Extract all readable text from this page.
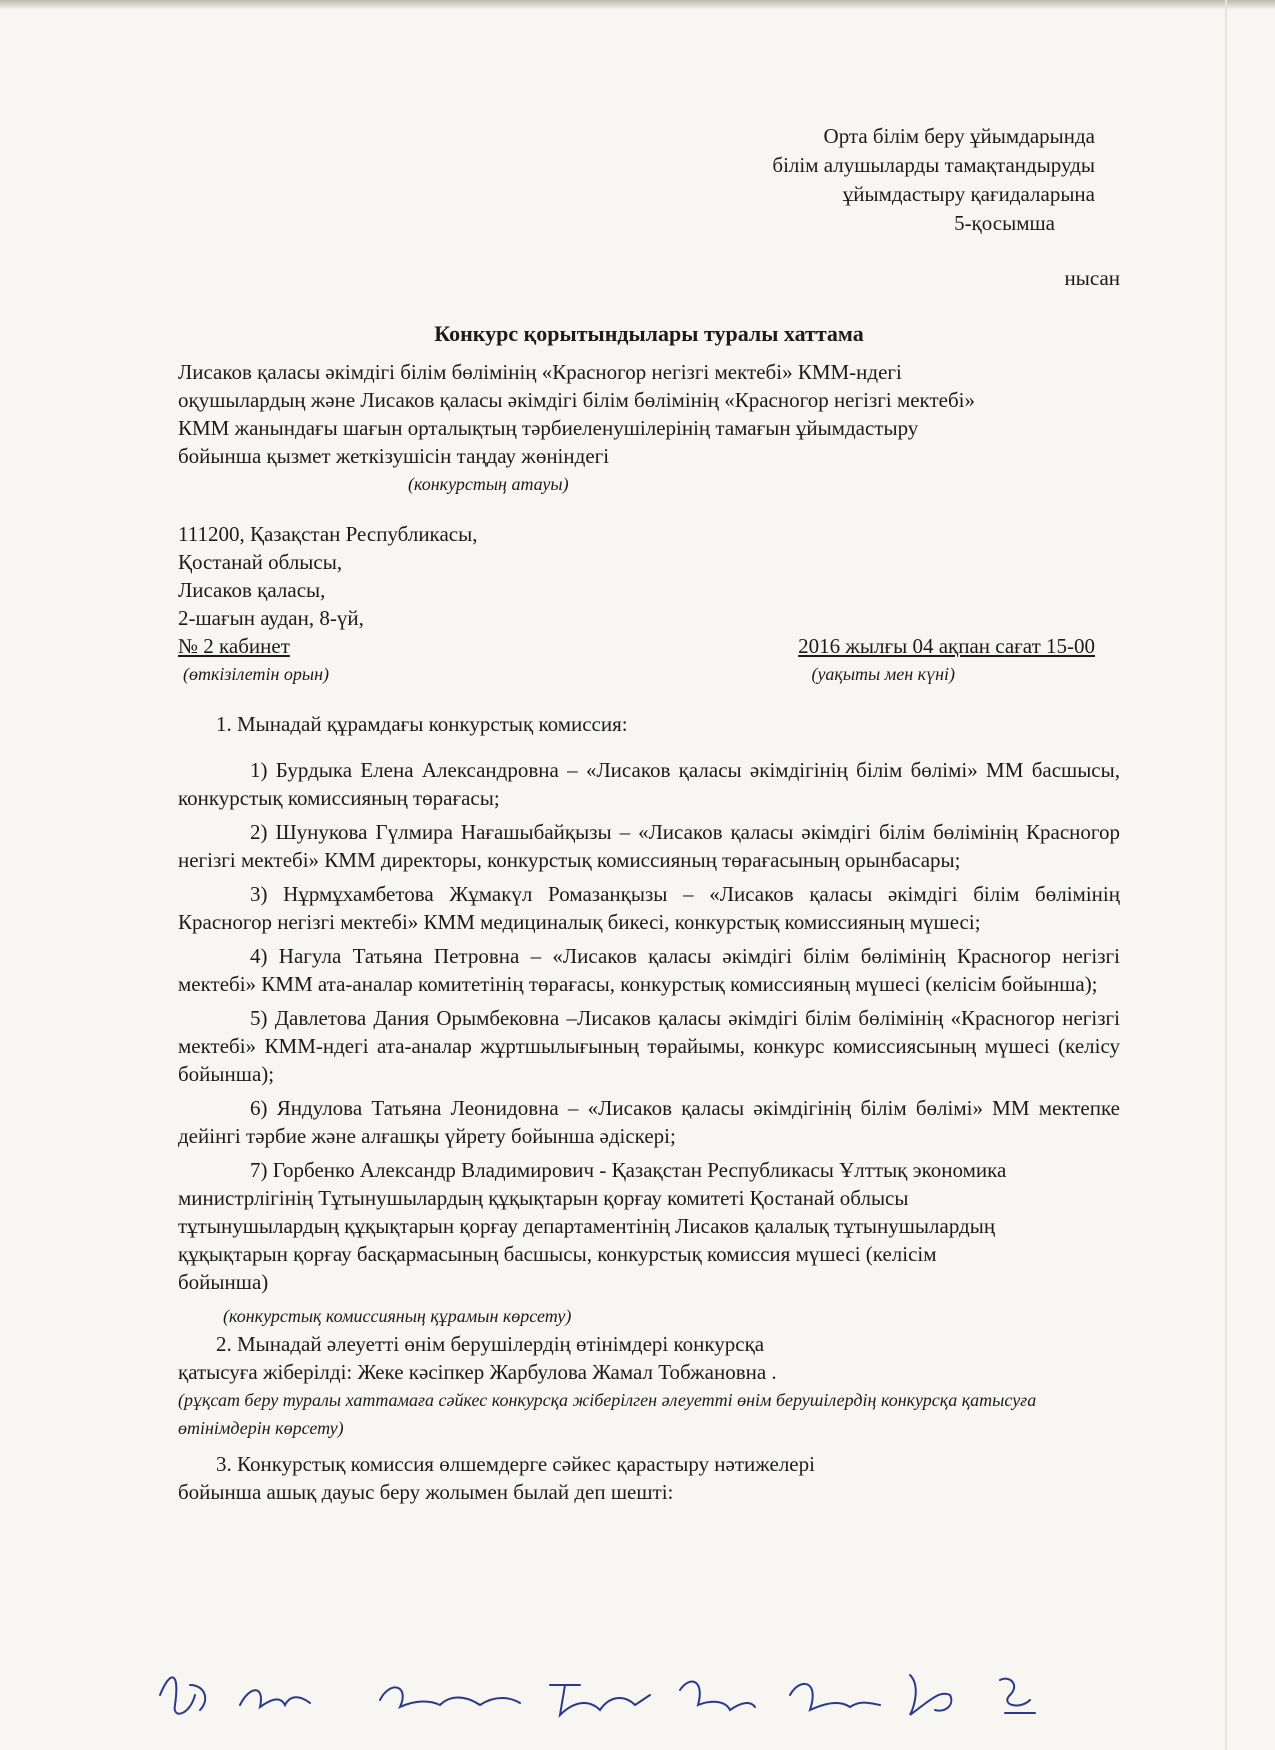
Орта білім беру ұйымдарында
білім алушыларды тамақтандыруды
ұйымдастыру қағидаларына
5-қосымша
нысан
Конкурс қорытындылары туралы хаттама
Лисаков қаласы әкімдігі білім бөлімінің «Красногор негізгі мектебі» КММ-ндегі оқушылардың және Лисаков қаласы әкімдігі білім бөлімінің «Красногор негізгі мектебі» КММ жанындағы шағын орталықтың тәрбиеленушілерінің тамағын ұйымдастыру бойынша қызмет жеткізушісін таңдау жөніндегі
(конкурстың атауы)
111200, Қазақстан Республикасы,
Қостанай облысы,
Лисаков қаласы,
2-шағын аудан, 8-үй,
№ 2 кабинет	2016 жылғы 04 ақпан сағат 15-00
(өткізілетін орын)	(уақыты мен күні)
1. Мынадай құрамдағы конкурстық комиссия:
1) Бурдыка Елена Александровна – «Лисаков қаласы әкімдігінің білім бөлімі» ММ басшысы, конкурстық комиссияның төрағасы;
2) Шунукова Гүлмира Нағашыбайқызы – «Лисаков қаласы әкімдігі білім бөлімінің Красногор негізгі мектебі» КММ директоры, конкурстық комиссияның төрағасының орынбасары;
3) Нұрмұхамбетова Жұмакүл Ромазанқызы – «Лисаков қаласы әкімдігі білім бөлімінің Красногор негізгі мектебі» КММ медициналық бикесі, конкурстық комиссияның мүшесі;
4) Нагула Татьяна Петровна – «Лисаков қаласы әкімдігі білім бөлімінің Красногор негізгі мектебі» КММ ата-аналар комитетінің төрағасы, конкурстық комиссияның мүшесі (келісім бойынша);
5) Давлетова Дания Орымбековна –Лисаков қаласы әкімдігі білім бөлімінің «Красногор негізгі мектебі» КММ-ндегі ата-аналар жұртшылығының төрайымы, конкурс комиссиясының мүшесі (келісу бойынша);
6) Яндулова Татьяна Леонидовна – «Лисаков қаласы әкімдігінің білім бөлімі» ММ мектепке дейінгі тәрбие және алғашқы үйрету бойынша әдіскері;
7) Горбенко Александр Владимирович - Қазақстан Республикасы Ұлттық экономика министрлігінің Тұтынушылардың құқықтарын қорғау комитеті Қостанай облысы тұтынушылардың құқықтарын қорғау департаментінің Лисаков қалалық тұтынушылардың құқықтарын қорғау басқармасының басшысы, конкурстық комиссия мүшесі (келісім бойынша)
(конкурстық комиссияның құрамын көрсету)
2. Мынадай әлеуетті өнім берушілердің өтінімдері конкурсқа
қатысуға жіберілді: Жеке кәсіпкер Жарбулова Жамал Тобжановна .
(рұқсат беру туралы хаттамаға сәйкес конкурсқа жіберілген әлеуетті өнім берушілердің конкурсқа қатысуға өтінімдерін көрсету)
3. Конкурстық комиссия өлшемдерге сәйкес қарастыру нәтижелері
бойынша ашық дауыс беру жолымен былай деп шешті:
